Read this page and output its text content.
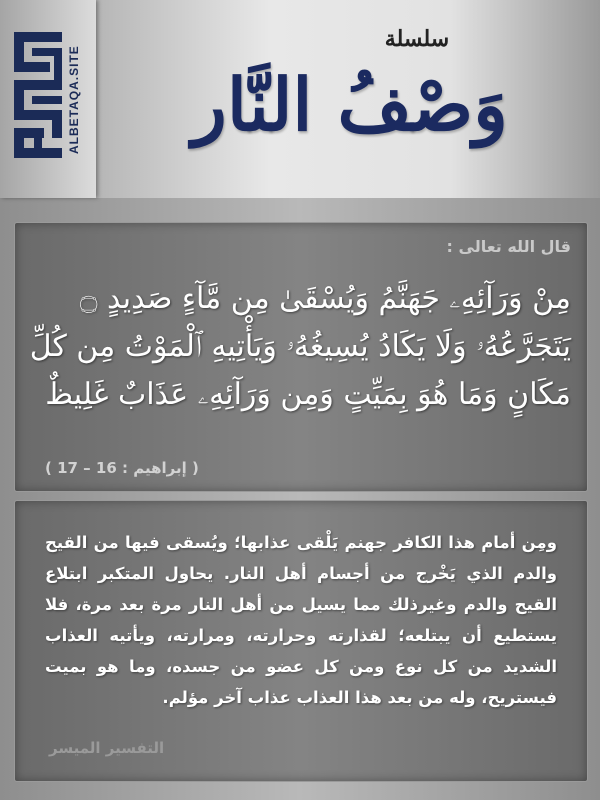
ALBETAQA.SITE
سلسلة
وَصْفُ النَّار
قال الله تعالى :
مِنْ وَرَآئِهِۦ جَهَنَّمُ وَيُسْقَىٰ مِن مَّآءٍ صَدِيدٍ ۝ يَتَجَرَّعُهُۥ وَلَا يَكَادُ يُسِيغُهُۥ وَيَأْتِيهِ ٱلْمَوْتُ مِن كُلِّ مَكَانٍ وَمَا هُوَ بِمَيِّتٍ وَمِن وَرَآئِهِۦ عَذَابٌ غَلِيظٌ
( إبراهيم : 16 – 17 )
ومِن أمام هذا الكافر جهنم يَلْقى عذابها؛ ويُسقى فيها من القيح والدم الذي يَخْرج من أجسام أهل النار. يحاول المتكبر ابتلاع القيح والدم وغيرذلك مما يسيل من أهل النار مرة بعد مرة، فلا يستطيع أن يبتلعه؛ لقذارته وحرارته، ومرارته، ويأتيه العذاب الشديد من كل نوع ومن كل عضو من جسده، وما هو بميت فيستريح، وله من بعد هذا العذاب عذاب آخر مؤلم.
التفسير الميسر
